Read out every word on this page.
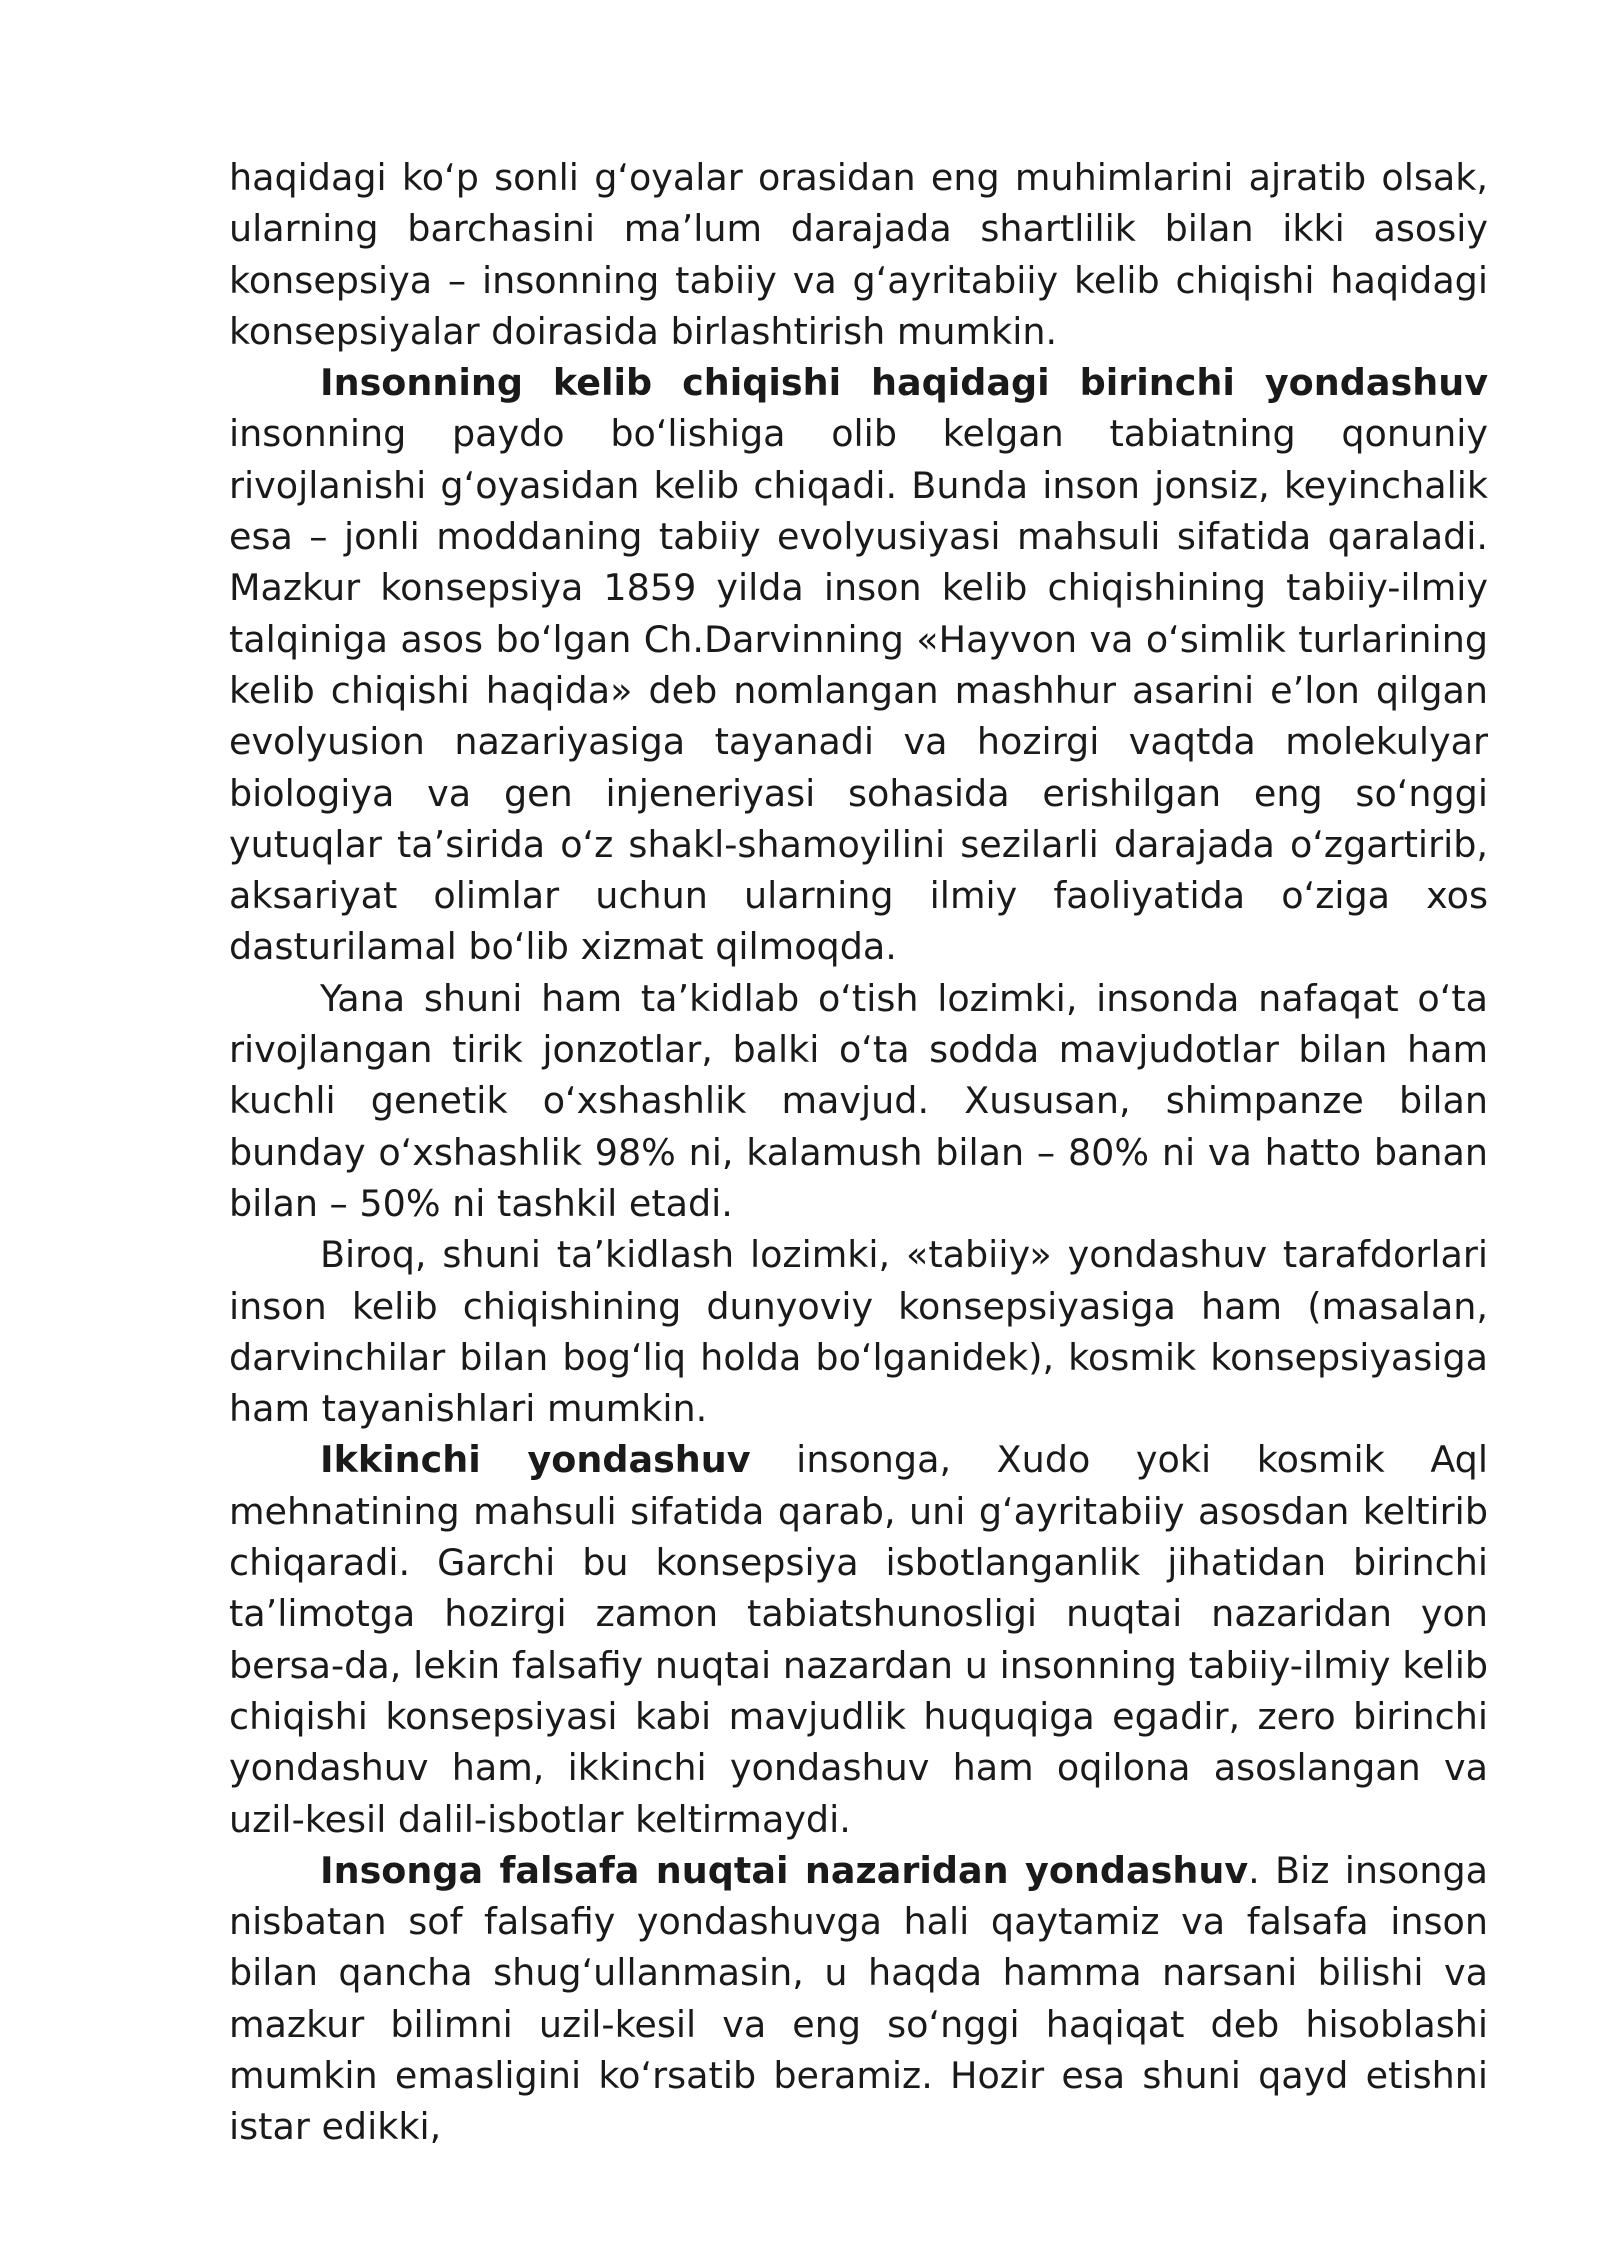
haqidagi koʻp sonli gʻoyalar orasidan eng muhimlarini ajratib olsak, ularning barchasini maʼlum darajada shartlilik bilan ikki asosiy konsepsiya – insonning tabiiy va gʻayritabiiy kelib chiqishi haqidagi konsepsiyalar doirasida birlashtirish mumkin.

Insonning kelib chiqishi haqidagi birinchi yondashuv insonning paydo boʻlishiga olib kelgan tabiatning qonuniy rivojlanishi gʻoyasidan kelib chiqadi. Bunda inson jonsiz, keyinchalik esa – jonli moddaning tabiiy evolyusiyasi mahsuli sifatida qaraladi. Mazkur konsepsiya 1859 yilda inson kelib chiqishining tabiiy-ilmiy talqiniga asos boʻlgan Ch.Darvinning «Hayvon va oʻsimlik turlarining kelib chiqishi haqida» deb nomlangan mashhur asarini eʼlon qilgan evolyusion nazariyasiga tayanadi va hozirgi vaqtda molekulyar biologiya va gen injeneriyasi sohasida erishilgan eng soʻnggi yutuqlar taʼsirida oʻz shakl-shamoyilini sezilarli darajada oʻzgartirib, aksariyat olimlar uchun ularning ilmiy faoliyatida oʻziga xos dasturilamal boʻlib xizmat qilmoqda.

Yana shuni ham taʼkidlab oʻtish lozimki, insonda nafaqat oʻta rivojlangan tirik jonzotlar, balki oʻta sodda mavjudotlar bilan ham kuchli genetik oʻxshashlik mavjud. Xususan, shimpanze bilan bunday oʻxshashlik 98% ni, kalamush bilan – 80% ni va hatto banan bilan – 50% ni tashkil etadi.

Biroq, shuni taʼkidlash lozimki, «tabiiy» yondashuv tarafdorlari inson kelib chiqishining dunyoviy konsepsiyasiga ham (masalan, darvinchilar bilan bogʻliq holda boʻlganidek), kosmik konsepsiyasiga ham tayanishlari mumkin.

Ikkinchi yondashuv insonga, Xudo yoki kosmik Aql mehnatining mahsuli sifatida qarab, uni gʻayritabiiy asosdan keltirib chiqaradi. Garchi bu konsepsiya isbotlanganlik jihatidan birinchi taʼlimotga hozirgi zamon tabiatshunosligi nuqtai nazaridan yon bersa-da, lekin falsafiy nuqtai nazardan u insonning tabiiy-ilmiy kelib chiqishi konsepsiyasi kabi mavjudlik huquqiga egadir, zero birinchi yondashuv ham, ikkinchi yondashuv ham oqilona asoslangan va uzil-kesil dalil-isbotlar keltirmaydi.

Insonga falsafa nuqtai nazaridan yondashuv. Biz insonga nisbatan sof falsafiy yondashuvga hali qaytamiz va falsafa inson bilan qancha shugʻullanmasin, u haqda hamma narsani bilishi va mazkur bilimni uzil-kesil va eng soʻnggi haqiqat deb hisoblashi mumkin emasligini koʻrsatib beramiz. Hozir esa shuni qayd etishni istar edikki,
